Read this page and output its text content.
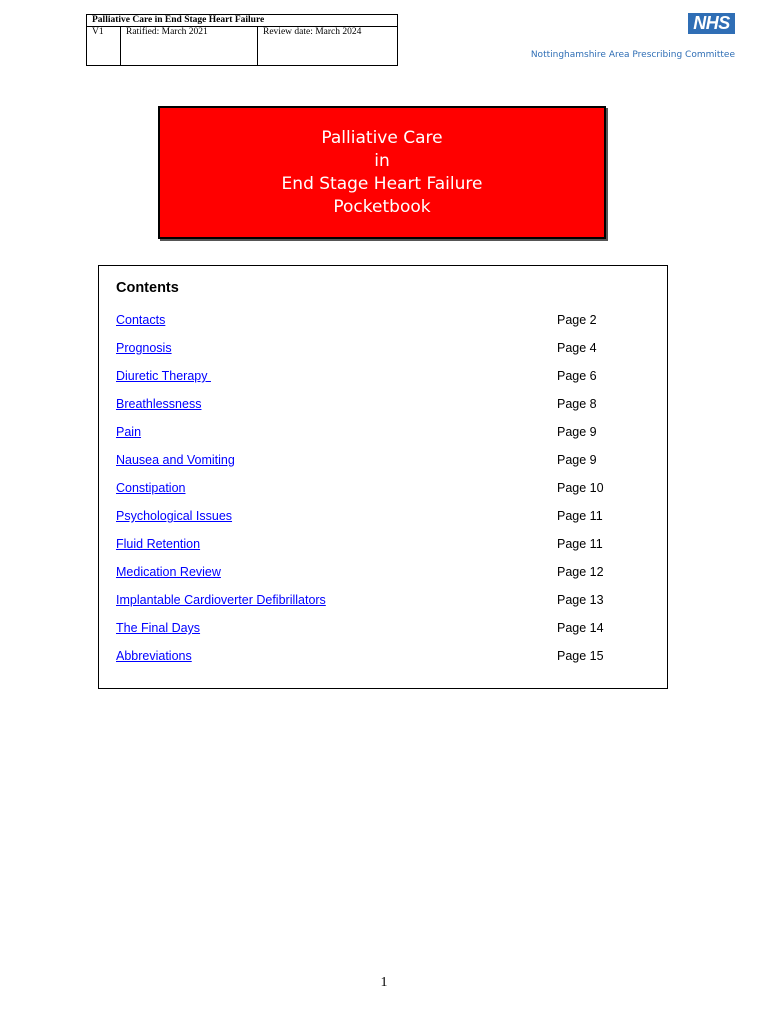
Palliative Care in End Stage Heart Failure
V1	Ratified: March 2021	Review date: March 2024	NHS
Nottinghamshire Area Prescribing Committee
Palliative Care
in
End Stage Heart Failure
Pocketbook
Contents
Contacts	Page 2
Prognosis	Page 4
Diuretic Therapy	Page 6
Breathlessness	Page 8
Pain	Page 9
Nausea and Vomiting	Page 9
Constipation	Page 10
Psychological Issues	Page 11
Fluid Retention	Page 11
Medication Review	Page 12
Implantable Cardioverter Defibrillators	Page 13
The Final Days	Page 14
Abbreviations	Page 15
1
